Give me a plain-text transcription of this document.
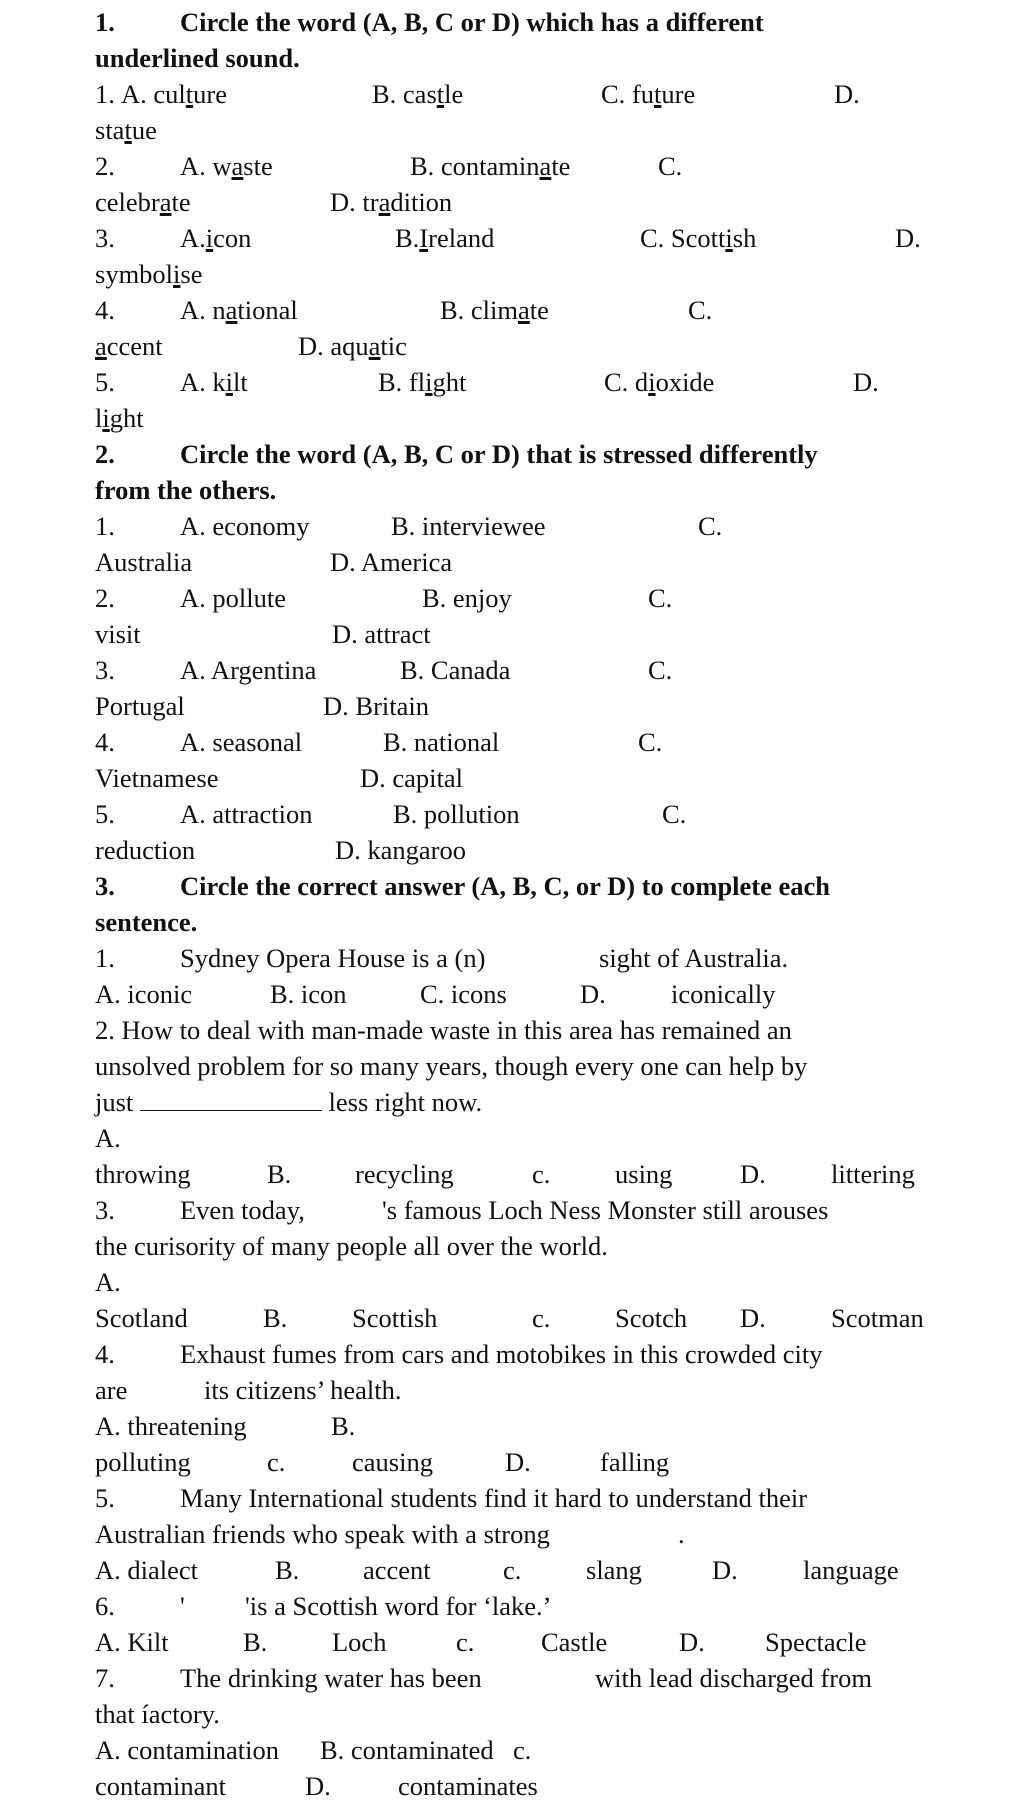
1. Circle the word (A, B, C or D) which has a different
underlined sound.
1. A. culture	B. castle	C. future	D.
statue
2. A. waste	B. contaminate	C.
celebrate	D. tradition
3. A.icon	B.Ireland	C. Scottish	D.
symbolise
4. A. national	B. climate	C.
accent	D. aquatic
5. A. kilt	B. flight	C. dioxide	D.
light
2. Circle the word (A, B, C or D) that is stressed differently
from the others.
1. A. economy	B. interviewee	C.
Australia	D. America
2. A. pollute	B. enjoy	C.
visit	D. attract
3. A. Argentina	B. Canada	C.
Portugal	D. Britain
4. A. seasonal	B. national	C.
Vietnamese	D. capital
5. A. attraction	B. pollution	C.
reduction	D. kangaroo
3. Circle the correct answer (A, B, C, or D) to complete each
sentence.
1. Sydney Opera House is a (n)	sight of Australia.
A. iconic	B. icon	C. icons	D. iconically
2. How to deal with man-made waste in this area has remained an
unsolved problem for so many years, though every one can help by
just	less right now.
A.
throwing	B. recycling	c. using	D. littering
3. Even today,	's famous Loch Ness Monster still arouses
the curisority of many people all over the world.
A.
Scotland	B. Scottish	c. Scotch D. Scotman
4. Exhaust fumes from cars and motobikes in this crowded city
are	its citizens’ health.
A. threatening	B.
polluting	c.	causing	D.	falling
5. Many International students find it hard to understand their
Australian friends who speak with a strong	.
A. dialect	B. accent	c. slang	D. language
6. ' 'is a Scottish word for ‘lake.’
A. Kilt	B. Loch	c.	Castle	D. Spectacle
7. The drinking water has been	with lead discharged from
that íactory.
A. contamination B. contaminated c.
contaminant	D.	contaminates
